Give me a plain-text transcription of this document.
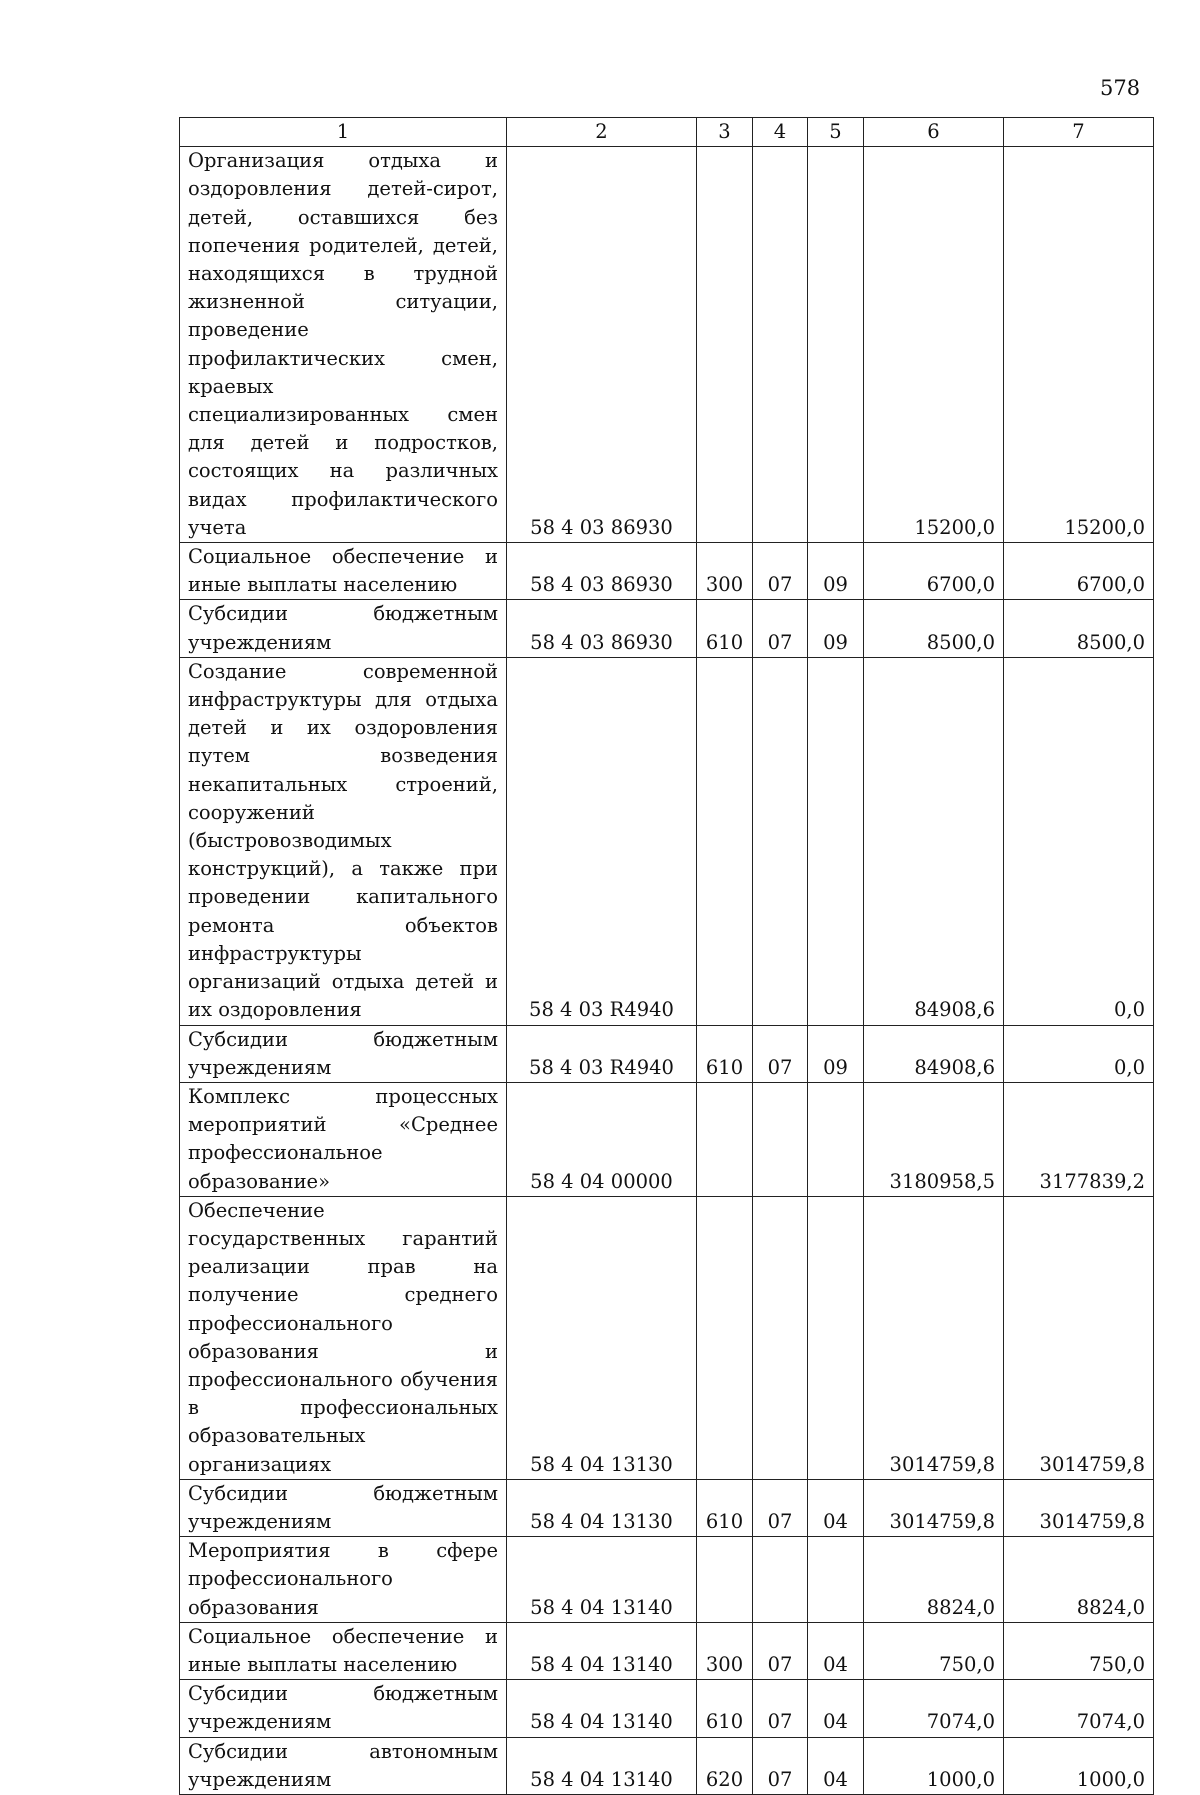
578
1	2	3	4	5	6	7
Организация отдыха и оздоровления детей-сирот, детей, оставшихся без попечения родителей, детей, находящихся в трудной жизненной ситуации, проведение профилактических смен, краевых специализированных смен для детей и подростков, состоящих на различных видах профилактического учета	58 4 03 86930				15200,0	15200,0
Социальное обеспечение и иные выплаты населению	58 4 03 86930	300	07	09	6700,0	6700,0
Субсидии бюджетным учреждениям	58 4 03 86930	610	07	09	8500,0	8500,0
Создание современной инфраструктуры для отдыха детей и их оздоровления путем возведения некапитальных строений, сооружений (быстровозводимых конструкций), а также при проведении капитального ремонта объектов инфраструктуры организаций отдыха детей и их оздоровления	58 4 03 R4940				84908,6	0,0
Субсидии бюджетным учреждениям	58 4 03 R4940	610	07	09	84908,6	0,0
Комплекс процессных мероприятий «Среднее профессиональное образование»	58 4 04 00000				3180958,5	3177839,2
Обеспечение государственных гарантий реализации прав на получение среднего профессионального образования и профессионального обучения в профессиональных образовательных организациях	58 4 04 13130				3014759,8	3014759,8
Субсидии бюджетным учреждениям	58 4 04 13130	610	07	04	3014759,8	3014759,8
Мероприятия в сфере профессионального образования	58 4 04 13140				8824,0	8824,0
Социальное обеспечение и иные выплаты населению	58 4 04 13140	300	07	04	750,0	750,0
Субсидии бюджетным учреждениям	58 4 04 13140	610	07	04	7074,0	7074,0
Субсидии автономным учреждениям	58 4 04 13140	620	07	04	1000,0	1000,0
